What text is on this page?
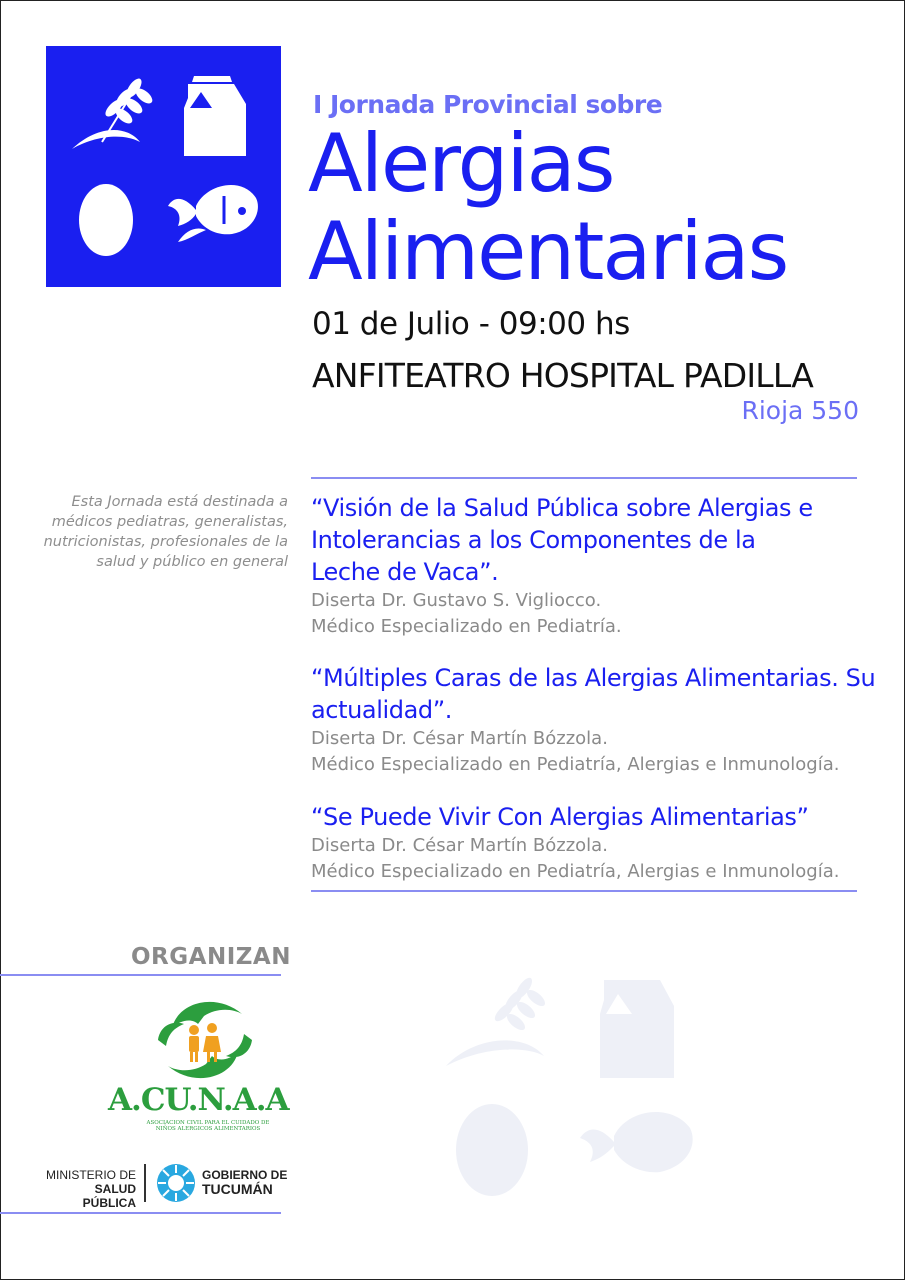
I Jornada Provincial sobre
Alergias
Alimentarias
01 de Julio - 09:00 hs
ANFITEATRO HOSPITAL PADILLA
Rioja 550
Esta Jornada está destinada a médicos pediatras, generalistas, nutricionistas, profesionales de la salud y público en general
“Visión de la Salud Pública sobre Alergias e Intolerancias a los Componentes de la Leche de Vaca”.
Diserta Dr. Gustavo S. Vigliocco.
Médico Especializado en Pediatría.
“Múltiples Caras de las Alergias Alimentarias. Su actualidad”.
Diserta Dr. César Martín Bózzola.
Médico Especializado en Pediatría, Alergias e Inmunología.
“Se Puede Vivir Con Alergias Alimentarias”
Diserta Dr. César Martín Bózzola.
Médico Especializado en Pediatría, Alergias e Inmunología.
ORGANIZAN
A.CU.N.A.A
ASOCIACION CIVIL PARA EL CUIDADO DE NIÑOS ALERGICOS ALIMENTARIOS
MINISTERIO DE
SALUD PÚBLICA
GOBIERNO DE
TUCUMÁN
